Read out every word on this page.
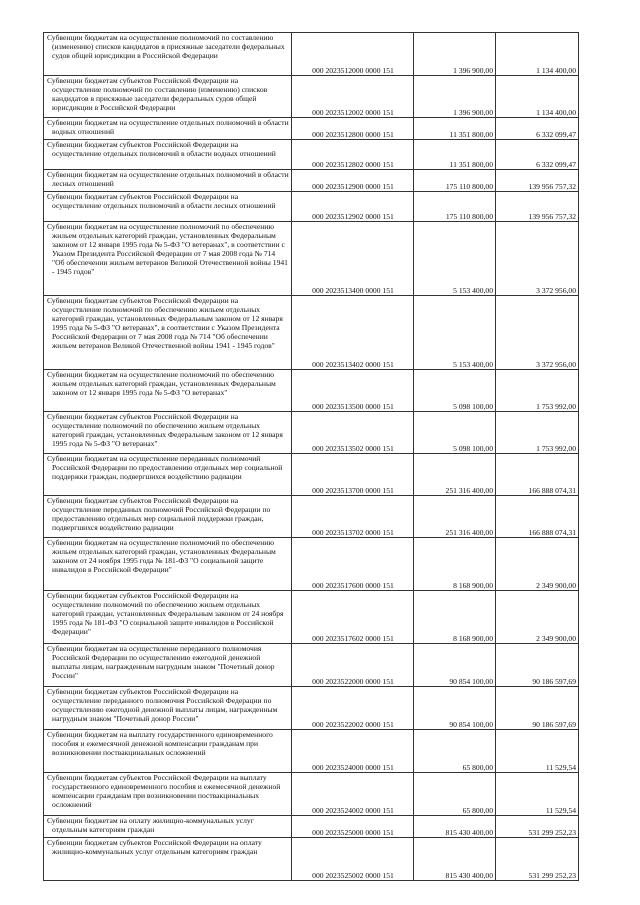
Субвенции бюджетам на осуществление полномочий по составлению (изменению) списков кандидатов в присяжные заседатели федеральных судов общей юрисдикции в Российской Федерации	000 2023512000 0000 151	1 396 900,00	1 134 400,00
Субвенции бюджетам субъектов Российской Федерации на осуществление полномочий по составлению (изменению) списков кандидатов в присяжные заседатели федеральных судов общей юрисдикции в Российской Федерации	000 2023512002 0000 151	1 396 900,00	1 134 400,00
Субвенции бюджетам на осуществление отдельных полномочий в области водных отношений	000 2023512800 0000 151	11 351 800,00	6 332 099,47
Субвенции бюджетам субъектов Российской Федерации на осуществление отдельных полномочий в области водных отношений	000 2023512802 0000 151	11 351 800,00	6 332 099,47
Субвенции бюджетам на осуществление отдельных полномочий в области лесных отношений	000 2023512900 0000 151	175 110 800,00	139 956 757,32
Субвенции бюджетам субъектов Российской Федерации на осуществление отдельных полномочий в области лесных отношений	000 2023512902 0000 151	175 110 800,00	139 956 757,32
Субвенции бюджетам на осуществление полномочий по обеспечению жильем отдельных категорий граждан, установленных Федеральным законом от 12 января 1995 года № 5-ФЗ "О ветеранах", в соответствии с Указом Президента Российской Федерации от 7 мая 2008 года № 714 "Об обеспечении жильем ветеранов Великой Отечественной войны 1941 - 1945 годов"	000 2023513400 0000 151	5 153 400,00	3 372 956,00
Субвенции бюджетам субъектов Российской Федерации на осуществление полномочий по обеспечению жильем отдельных категорий граждан, установленных Федеральным законом от 12 января 1995 года № 5-ФЗ "О ветеранах", в соответствии с Указом Президента Российской Федерации от 7 мая 2008 года № 714 "Об обеспечении жильем ветеранов Великой Отечественной войны 1941 - 1945 годов"	000 2023513402 0000 151	5 153 400,00	3 372 956,00
Субвенции бюджетам на осуществление полномочий по обеспечению жильем отдельных категорий граждан, установленных Федеральным законом от 12 января 1995 года № 5-ФЗ "О ветеранах"	000 2023513500 0000 151	5 098 100,00	1 753 992,00
Субвенции бюджетам субъектов Российской Федерации на осуществление полномочий по обеспечению жильем отдельных категорий граждан, установленных Федеральным законом от 12 января 1995 года № 5-ФЗ "О ветеранах"	000 2023513502 0000 151	5 098 100,00	1 753 992,00
Субвенции бюджетам на осуществление переданных полномочий Российской Федерации по предоставлению отдельных мер социальной поддержки граждан, подвергшихся воздействию радиации	000 2023513700 0000 151	251 316 400,00	166 888 074,31
Субвенции бюджетам субъектов Российской Федерации на осуществление переданных полномочий Российской Федерации по предоставлению отдельных мер социальной поддержки граждан, подвергшихся воздействию радиации	000 2023513702 0000 151	251 316 400,00	166 888 074,31
Субвенции бюджетам на осуществление полномочий по обеспечению жильем отдельных категорий граждан, установленных Федеральным законом от 24 ноября 1995 года № 181-ФЗ "О социальной защите инвалидов в Российской Федерации"	000 2023517600 0000 151	8 168 900,00	2 349 900,00
Субвенции бюджетам субъектов Российской Федерации на осуществление полномочий по обеспечению жильем отдельных категорий граждан, установленных Федеральным законом от 24 ноября 1995 года № 181-ФЗ "О социальной защите инвалидов в Российской Федерации"	000 2023517602 0000 151	8 168 900,00	2 349 900,00
Субвенции бюджетам на осуществление переданного полномочия Российской Федерации по осуществлению ежегодной денежной выплаты лицам, награжденным нагрудным знаком "Почетный донор России"	000 2023522000 0000 151	90 854 100,00	90 186 597,69
Субвенции бюджетам субъектов Российской Федерации на осуществление переданного полномочия Российской Федерации по осуществлению ежегодной денежной выплаты лицам, награжденным нагрудным знаком "Почетный донор России"	000 2023522002 0000 151	90 854 100,00	90 186 597,69
Субвенции бюджетам на выплату государственного единовременного пособия и ежемесячной денежной компенсации гражданам при возникновении поствакцинальных осложнений	000 2023524000 0000 151	65 800,00	11 529,54
Субвенции бюджетам субъектов Российской Федерации на выплату государственного единовременного пособия и ежемесячной денежной компенсации гражданам при возникновении поствакцинальных осложнений	000 2023524002 0000 151	65 800,00	11 529,54
Субвенции бюджетам на оплату жилищно-коммунальных услуг отдельным категориям граждан	000 2023525000 0000 151	815 430 400,00	531 299 252,23
Субвенции бюджетам субъектов Российской Федерации на оплату жилищно-коммунальных услуг отдельным категориям граждан	000 2023525002 0000 151	815 430 400,00	531 299 252,23
